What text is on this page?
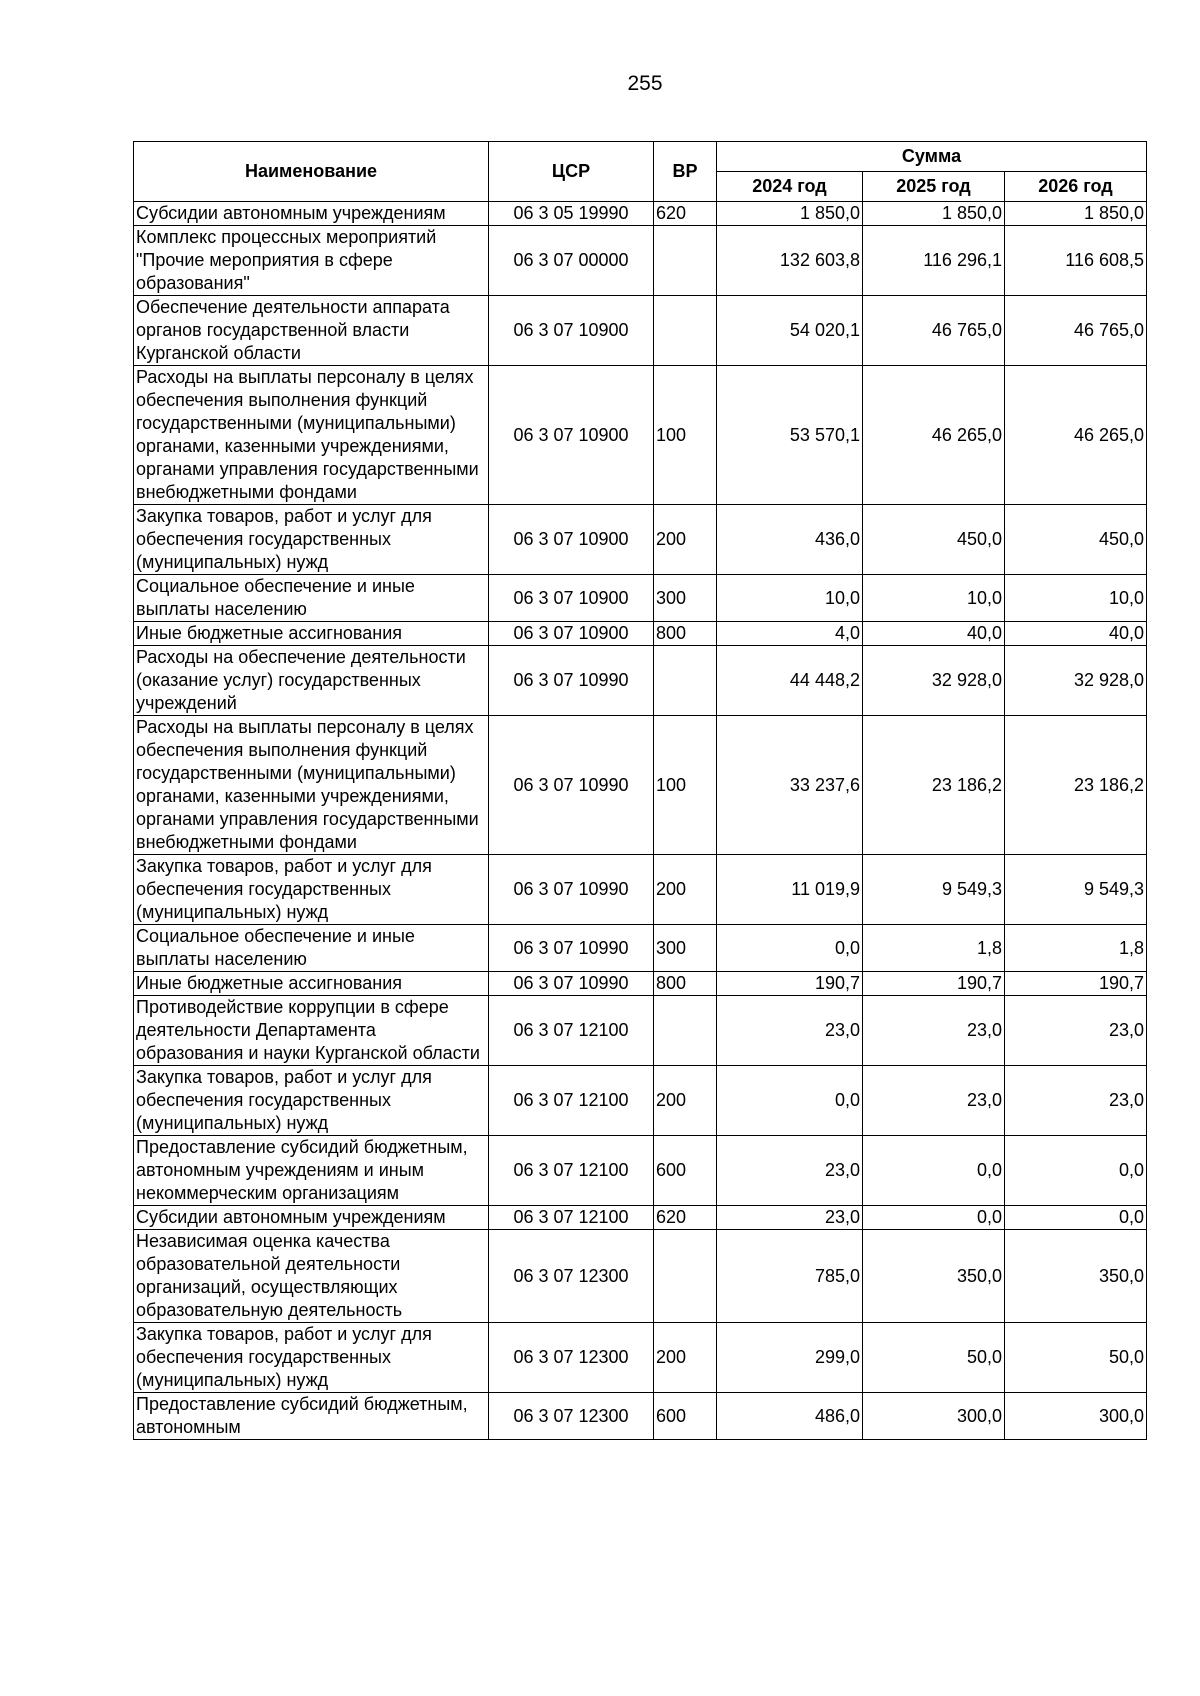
255
Наименование	ЦСР	ВР	Сумма		
			2024 год	2025 год	2026 год
Субсидии автономным учреждениям	06 3 05 19990	620	1 850,0	1 850,0	1 850,0
Комплекс процессных мероприятий "Прочие мероприятия в сфере образования"	06 3 07 00000		132 603,8	116 296,1	116 608,5
Обеспечение деятельности аппарата органов государственной власти Курганской области	06 3 07 10900		54 020,1	46 765,0	46 765,0
Расходы на выплаты персоналу в целях обеспечения выполнения функций государственными (муниципальными) органами, казенными учреждениями, органами управления государственными внебюджетными фондами	06 3 07 10900	100	53 570,1	46 265,0	46 265,0
Закупка товаров, работ и услуг для обеспечения государственных (муниципальных) нужд	06 3 07 10900	200	436,0	450,0	450,0
Социальное обеспечение и иные выплаты населению	06 3 07 10900	300	10,0	10,0	10,0
Иные бюджетные ассигнования	06 3 07 10900	800	4,0	40,0	40,0
Расходы на обеспечение деятельности (оказание услуг) государственных учреждений	06 3 07 10990		44 448,2	32 928,0	32 928,0
Расходы на выплаты персоналу в целях обеспечения выполнения функций государственными (муниципальными) органами, казенными учреждениями, органами управления государственными внебюджетными фондами	06 3 07 10990	100	33 237,6	23 186,2	23 186,2
Закупка товаров, работ и услуг для обеспечения государственных (муниципальных) нужд	06 3 07 10990	200	11 019,9	9 549,3	9 549,3
Социальное обеспечение и иные выплаты населению	06 3 07 10990	300	0,0	1,8	1,8
Иные бюджетные ассигнования	06 3 07 10990	800	190,7	190,7	190,7
Противодействие коррупции в сфере деятельности Департамента образования и науки Курганской области	06 3 07 12100		23,0	23,0	23,0
Закупка товаров, работ и услуг для обеспечения государственных (муниципальных) нужд	06 3 07 12100	200	0,0	23,0	23,0
Предоставление субсидий бюджетным, автономным учреждениям и иным некоммерческим организациям	06 3 07 12100	600	23,0	0,0	0,0
Субсидии автономным учреждениям	06 3 07 12100	620	23,0	0,0	0,0
Независимая оценка качества образовательной деятельности организаций, осуществляющих образовательную деятельность	06 3 07 12300		785,0	350,0	350,0
Закупка товаров, работ и услуг для обеспечения государственных (муниципальных) нужд	06 3 07 12300	200	299,0	50,0	50,0
Предоставление субсидий бюджетным, автономным	06 3 07 12300	600	486,0	300,0	300,0
